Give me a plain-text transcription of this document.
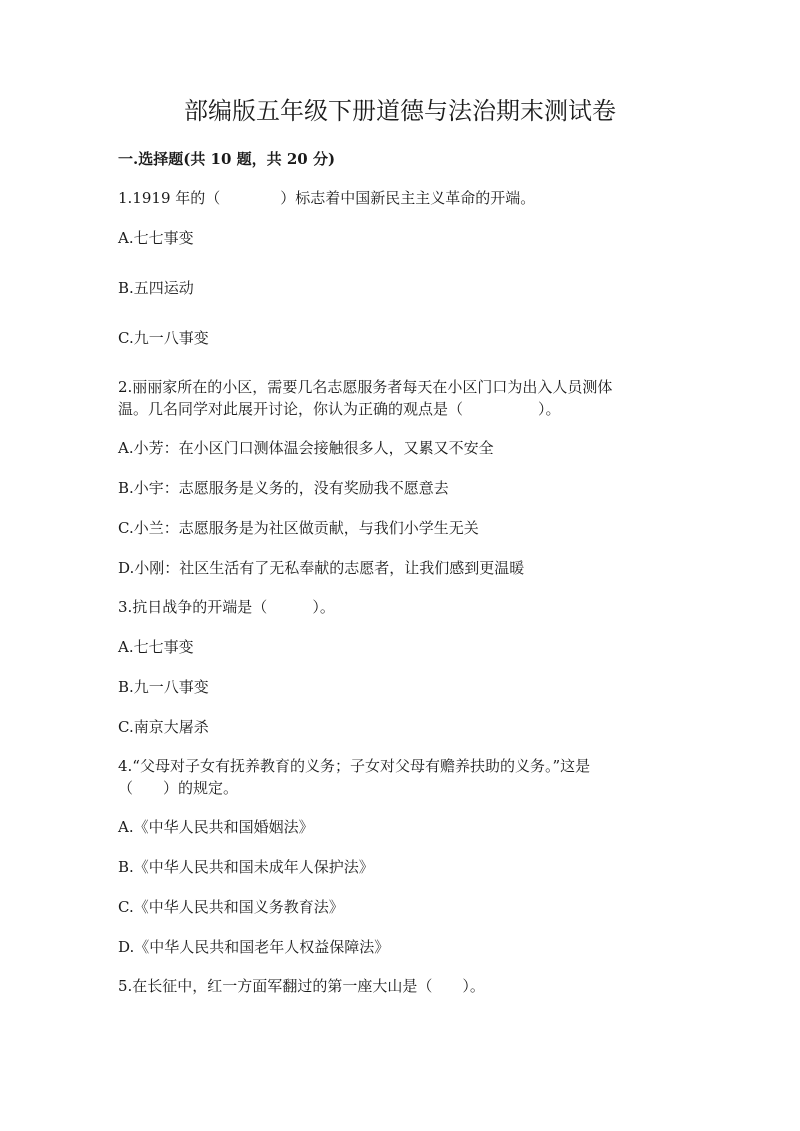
部编版五年级下册道德与法治期末测试卷

一.选择题(共 10 题，共 20 分)

1.1919 年的（　　　　）标志着中国新民主主义革命的开端。

A.七七事变

B.五四运动

C.九一八事变

2.丽丽家所在的小区，需要几名志愿服务者每天在小区门口为出入人员测体

温。几名同学对此展开讨论，你认为正确的观点是（　　　　　）。

A.小芳：在小区门口测体温会接触很多人，又累又不安全

B.小宇：志愿服务是义务的，没有奖励我不愿意去

C.小兰：志愿服务是为社区做贡献，与我们小学生无关

D.小刚：社区生活有了无私奉献的志愿者，让我们感到更温暖

3.抗日战争的开端是（　　　）。

A.七七事变

B.九一八事变

C.南京大屠杀

4.“父母对子女有抚养教育的义务；子女对父母有赡养扶助的义务。”这是

（　　）的规定。

A.《中华人民共和国婚姻法》

B.《中华人民共和国未成年人保护法》

C.《中华人民共和国义务教育法》

D.《中华人民共和国老年人权益保障法》

5.在长征中，红一方面军翻过的第一座大山是（　　）。
